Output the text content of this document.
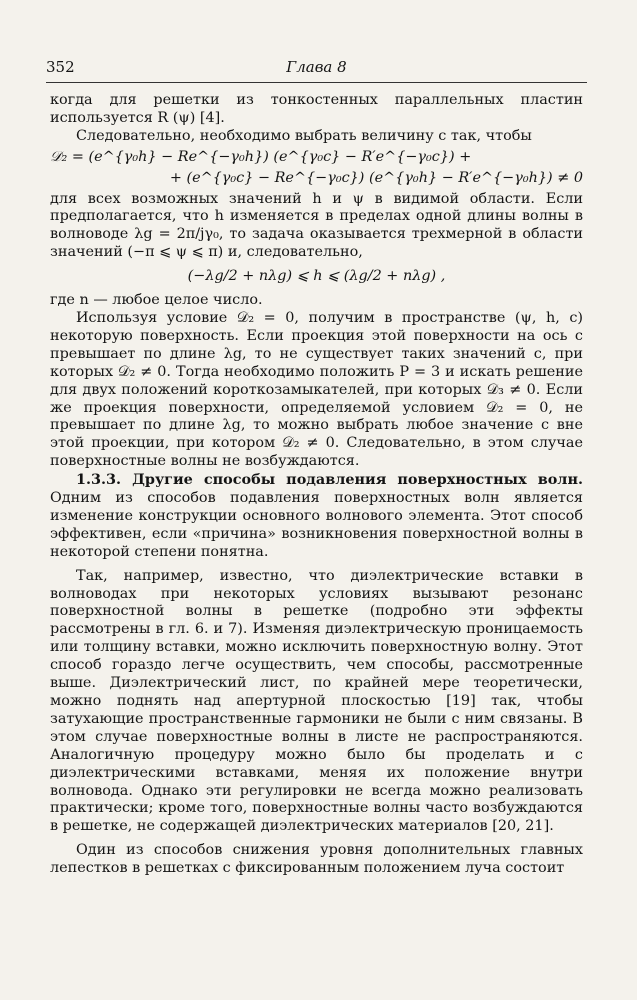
352	Глава 8

когда для решетки из тонкостенных параллельных пластин используется R (ψ) [4].

Следовательно, необходимо выбрать величину c так, чтобы

𝒟₂ = (e^{γ₀h} − Re^{−γ₀h}) (e^{γ₀c} − R′e^{−γ₀c}) +
+ (e^{γ₀c} − Re^{−γ₀c}) (e^{γ₀h} − R′e^{−γ₀h}) ≠ 0

для всех возможных значений h и ψ в видимой области. Если предполагается, что h изменяется в пределах одной длины волны в волноводе λg = 2π/jγ₀, то задача оказывается трехмерной в области значений (−π ⩽ ψ ⩽ π) и, следовательно,

(−λg/2 + nλg) ⩽ h ⩽ (λg/2 + nλg) ,

где n — любое целое число.

Используя условие 𝒟₂ = 0, получим в пространстве (ψ, h, c) некоторую поверхность. Если проекция этой поверхности на ось c превышает по длине λg, то не существует таких значений c, при которых 𝒟₂ ≠ 0. Тогда необходимо положить P = 3 и искать решение для двух положений короткозамыкателей, при которых 𝒟₃ ≠ 0. Если же проекция поверхности, определяемой условием 𝒟₂ = 0, не превышает по длине λg, то можно выбрать любое значение c вне этой проекции, при котором 𝒟₂ ≠ 0. Следовательно, в этом случае поверхностные волны не возбуждаются.

1.3.3. Другие способы подавления поверхностных волн. Одним из способов подавления поверхностных волн является изменение конструкции основного волнового элемента. Этот способ эффективен, если «причина» возникновения поверхностной волны в некоторой степени понятна.

Так, например, известно, что диэлектрические вставки в волноводах при некоторых условиях вызывают резонанс поверхностной волны в решетке (подробно эти эффекты рассмотрены в гл. 6. и 7). Изменяя диэлектрическую проницаемость или толщину вставки, можно исключить поверхностную волну. Этот способ гораздо легче осуществить, чем способы, рассмотренные выше. Диэлектрический лист, по крайней мере теоретически, можно поднять над апертурной плоскостью [19] так, чтобы затухающие пространственные гармоники не были с ним связаны. В этом случае поверхностные волны в листе не распространяются. Аналогичную процедуру можно было бы проделать и с диэлектрическими вставками, меняя их положение внутри волновода. Однако эти регулировки не всегда можно реализовать практически; кроме того, поверхностные волны часто возбуждаются в решетке, не содержащей диэлектрических материалов [20, 21].

Один из способов снижения уровня дополнительных главных лепестков в решетках с фиксированным положением луча состоит
